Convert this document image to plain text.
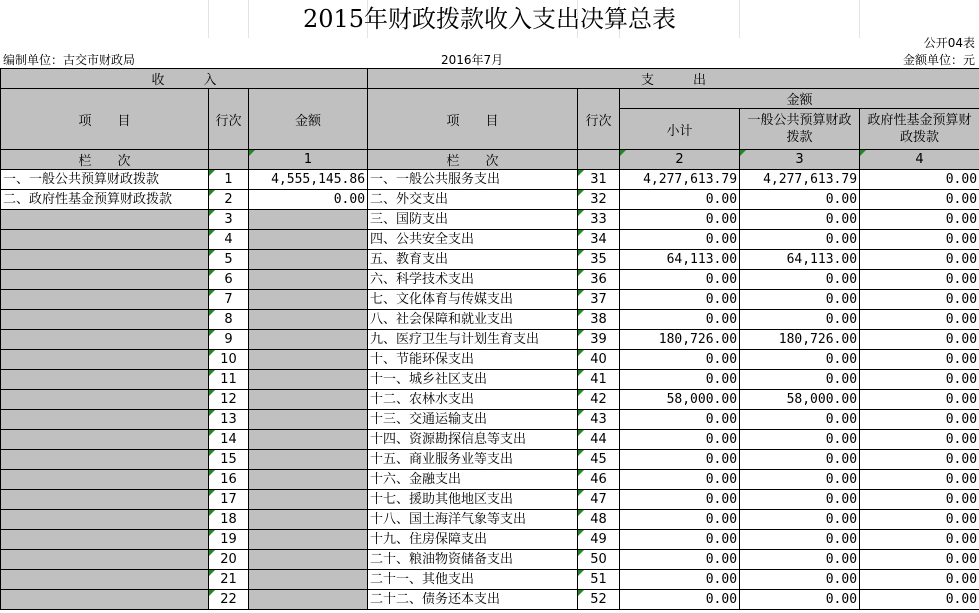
2015年财政拨款收入支出决算总表
公开04表
编制单位：古交市财政局	2016年7月	金额单位：元
收　　　入			支　　　出				
项　　目	行次	金额	项　　目	行次	金额		
					小计	一般公共预算财政拨款	政府性基金预算财政拨款
栏　　次		1	栏　　次		2	3	4
一、一般公共预算财政拨款	1	4,555,145.86	一、一般公共服务支出	31	4,277,613.79	4,277,613.79	0.00
二、政府性基金预算财政拨款	2	0.00	二、外交支出	32	0.00	0.00	0.00
	3		三、国防支出	33	0.00	0.00	0.00
	4		四、公共安全支出	34	0.00	0.00	0.00
	5		五、教育支出	35	64,113.00	64,113.00	0.00
	6		六、科学技术支出	36	0.00	0.00	0.00
	7		七、文化体育与传媒支出	37	0.00	0.00	0.00
	8		八、社会保障和就业支出	38	0.00	0.00	0.00
	9		九、医疗卫生与计划生育支出	39	180,726.00	180,726.00	0.00
	10		十、节能环保支出	40	0.00	0.00	0.00
	11		十一、城乡社区支出	41	0.00	0.00	0.00
	12		十二、农林水支出	42	58,000.00	58,000.00	0.00
	13		十三、交通运输支出	43	0.00	0.00	0.00
	14		十四、资源勘探信息等支出	44	0.00	0.00	0.00
	15		十五、商业服务业等支出	45	0.00	0.00	0.00
	16		十六、金融支出	46	0.00	0.00	0.00
	17		十七、援助其他地区支出	47	0.00	0.00	0.00
	18		十八、国土海洋气象等支出	48	0.00	0.00	0.00
	19		十九、住房保障支出	49	0.00	0.00	0.00
	20		二十、粮油物资储备支出	50	0.00	0.00	0.00
	21		二十一、其他支出	51	0.00	0.00	0.00
	22		二十二、债务还本支出	52	0.00	0.00	0.00
